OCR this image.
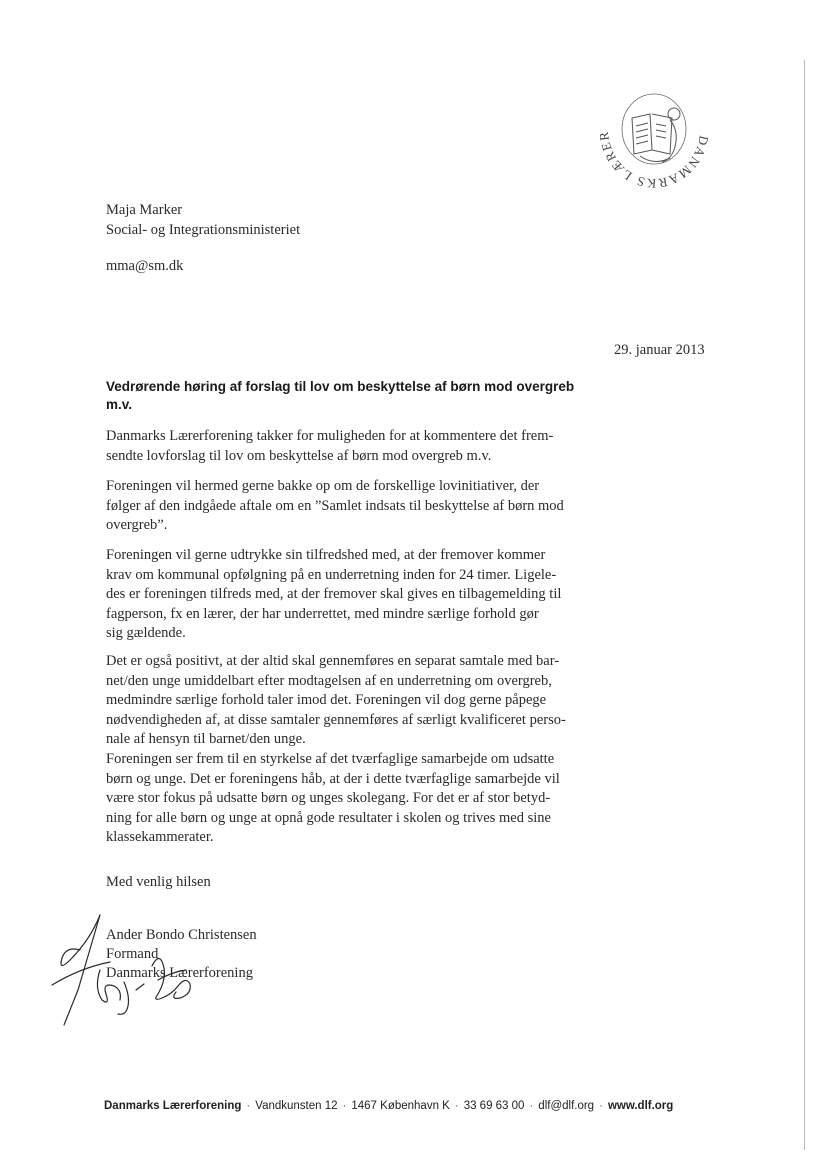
ANMARKS LÆR
Maja Marker
Social- og Integrationsministeriet
mma@sm.dk
29. januar 2013
Vedrørende høring af forslag til lov om beskyttelse af børn mod overgreb
m.v.

Danmarks Lærerforening takker for muligheden for at kommentere det frem-
sendte lovforslag til lov om beskyttelse af børn mod overgreb m.v.

Foreningen vil hermed gerne bakke op om de forskellige lovinitiativer, der
følger af den indgåede aftale om en ”Samlet indsats til beskyttelse af børn mod
overgreb”.

Foreningen vil gerne udtrykke sin tilfredshed med, at der fremover kommer
krav om kommunal opfølgning på en underretning inden for 24 timer. Ligele-
des er foreningen tilfreds med, at der fremover skal gives en tilbagemelding til
fagperson, fx en lærer, der har underrettet, med mindre særlige forhold gør
sig gældende.

Det er også positivt, at der altid skal gennemføres en separat samtale med bar-
net/den unge umiddelbart efter modtagelsen af en underretning om overgreb,
medmindre særlige forhold taler imod det. Foreningen vil dog gerne påpege
nødvendigheden af, at disse samtaler gennemføres af særligt kvalificeret perso-
nale af hensyn til barnet/den unge.

Foreningen ser frem til en styrkelse af det tværfaglige samarbejde om udsatte
børn og unge. Det er foreningens håb, at der i dette tværfaglige samarbejde vil
være stor fokus på udsatte børn og unges skolegang. For det er af stor betyd-
ning for alle børn og unge at opnå gode resultater i skolen og trives med sine
klassekammerater.

Med venlig hilsen
Ander Bondo Christensen
Formand
Danmarks Lærerforening
Danmarks Lærerforening · Vandkunsten 12 · 1467 København K · 33 69 63 00 · dlf@dlf.org · www.dlf.org
